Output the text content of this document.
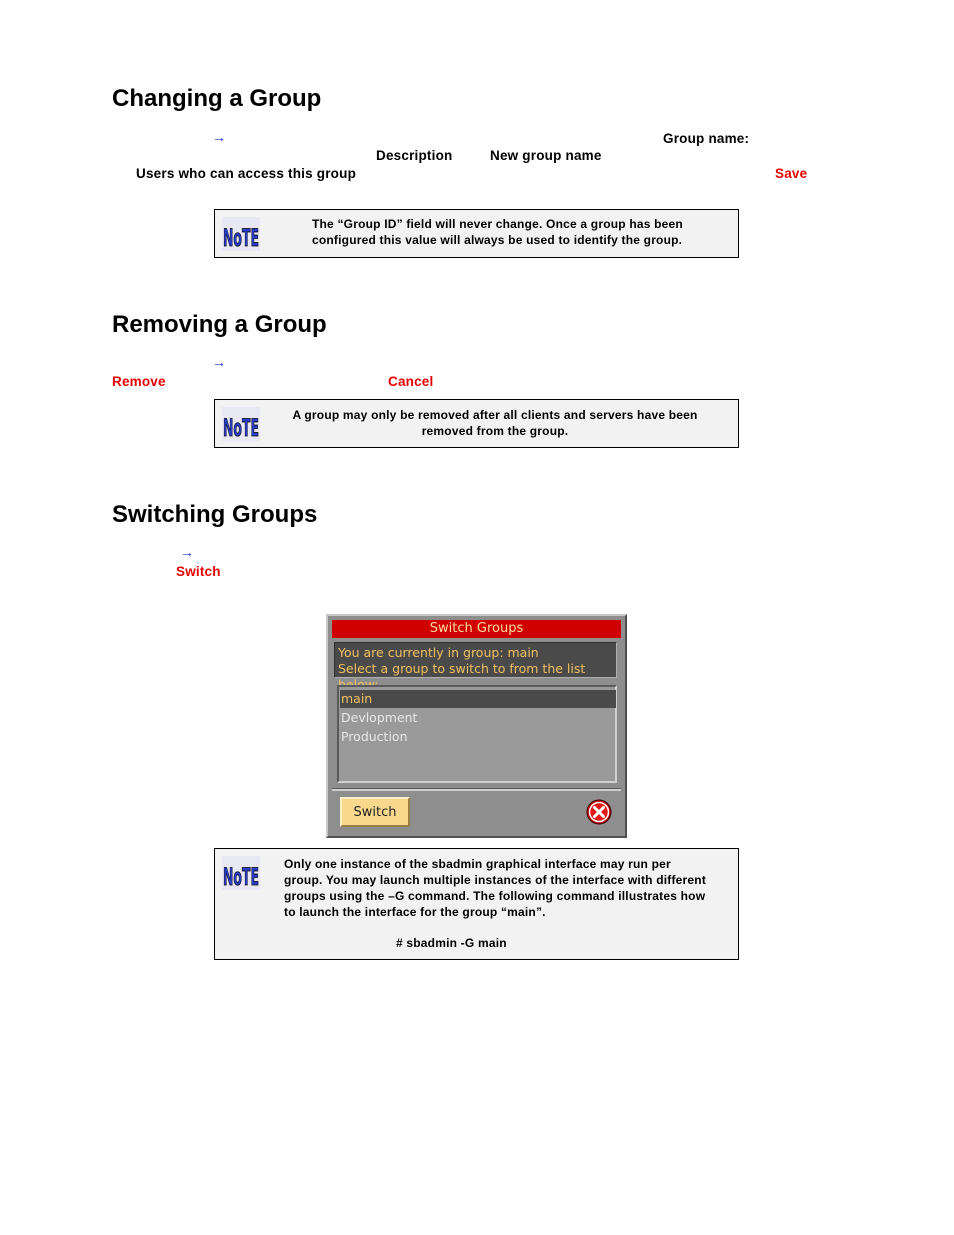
Changing a Group
→	Group name:
Description	New group name
Users who can access this group	Save
NoTE	The “Group ID” field will never change. Once a group has been
configured this value will always be used to identify the group.
Removing a Group
→
Remove	Cancel
NoTE	A group may only be removed after all clients and servers have been
removed from the group.
Switching Groups
→
Switch
Switch Groups
You are currently in group: main
Select a group to switch to from the list
main
Devlopment
Production
Switch
NoTE Only one instance of the sbadmin graphical interface may run per
group. You may launch multiple instances of the interface with different
groups using the –G command. The following command illustrates how
to launch the interface for the group “main”.
# sbadmin -G main
